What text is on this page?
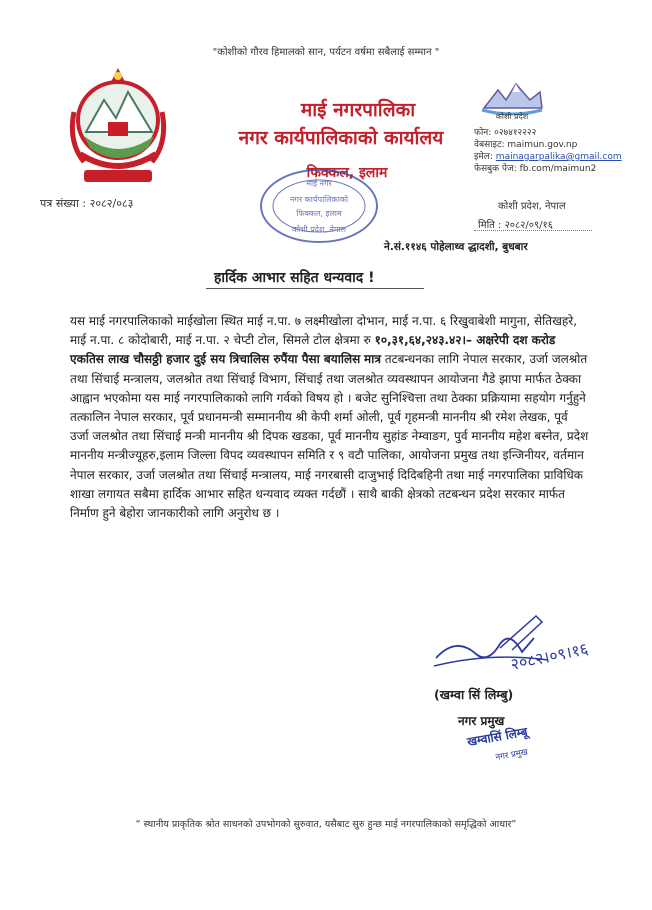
"कोशीको गौरव हिमालको सान, पर्यटन वर्षमा सबैलाई सम्मान "
माई नगरपालिका
नगर कार्यपालिकाको कार्यालय
फिक्कल, इलाम
कोशी प्रदेश
फोन: ०२७४१२२२२
वेबसाइट: maimun.gov.np
इमेल: mainagarpalika@gmail.com
फेसबुक पेज: fb.com/maimun2
पत्र संख्या : २०८२/०८३	कोशी प्रदेश, नेपाल
मिति : २०८२/०९/१६
माई नगर
नगर कार्यपालिकाको
फिक्कल, इलाम
कोशी प्रदेश, नेपाल
ने.सं.११४६ पोहेलाथ्व द्धादशी, बुधबार
हार्दिक आभार सहित धन्यवाद !

यस माई नगरपालिकाको माईखोला स्थित माई न.पा. ७ लक्ष्मीखोला दोभान, माई न.पा. ६ रिखुवाबेशी मागुना, सेतिखहरे, माई न.पा. ८ कोदोबारी, माई न.पा. २ चेप्टी टोल, सिमले टोल क्षेत्रमा रु १०,३१,६४,२४३.४२।– अक्षरेपी दश करोड एकतिस लाख चौसठ्ठी हजार दुई सय त्रिचालिस रुपैंया पैसा बयालिस मात्र तटबन्धनका लागि नेपाल सरकार, उर्जा जलश्रोत तथा सिंचाई मन्त्रालय, जलश्रोत तथा सिंचाई विभाग, सिंचाई तथा जलश्रोत व्यवस्थापन आयोजना गैडे झापा मार्फत ठेक्का आह्वान भएकोमा यस माई नगरपालिकाको लागि गर्वको विषय हो । बजेट सुनिश्चित्ता तथा ठेक्का प्रक्रियामा सहयोग गर्नुहुने तत्कालिन नेपाल सरकार, पूर्व प्रधानमन्त्री सम्माननीय श्री केपी शर्मा ओली, पूर्व गृहमन्त्री माननीय श्री रमेश लेखक, पूर्व उर्जा जलश्रोत तथा सिंचाई मन्त्री माननीय श्री दिपक खडका, पूर्व माननीय सुहांङ नेम्वाङग, पुर्व माननीय महेश बस्नेत, प्रदेश माननीय मन्त्रीज्यूहरु,इलाम जिल्ला विपद व्यवस्थापन समिति र ९ वटौ पालिका, आयोजना प्रमुख तथा इन्जिनीयर, वर्तमान नेपाल सरकार, उर्जा जलश्रोत तथा सिंचाई मन्त्रालय, माई नगरबासी दाजुभाई दिदिबहिनी तथा माई नगरपालिका प्राविधिक शाखा लगायत सबैमा हार्दिक आभार सहित धन्यवाद व्यक्त गर्दछौं । साथै बाकी क्षेत्रको तटबन्धन प्रदेश सरकार मार्फत निर्माण हुने बेहोरा जानकारीको लागि अनुरोध छ ।

२०८२।०९।१६
(खम्वा सिं लिम्बु)
नगर प्रमुख
खम्वासिं लिम्बू
नगर प्रमुख
“ स्थानीय प्राकृतिक श्रोत साधनको उपभोगको सुरुवात, यसैबाट सुरु हुन्छ माई नगरपालिकाको समृद्धिको आधार”
